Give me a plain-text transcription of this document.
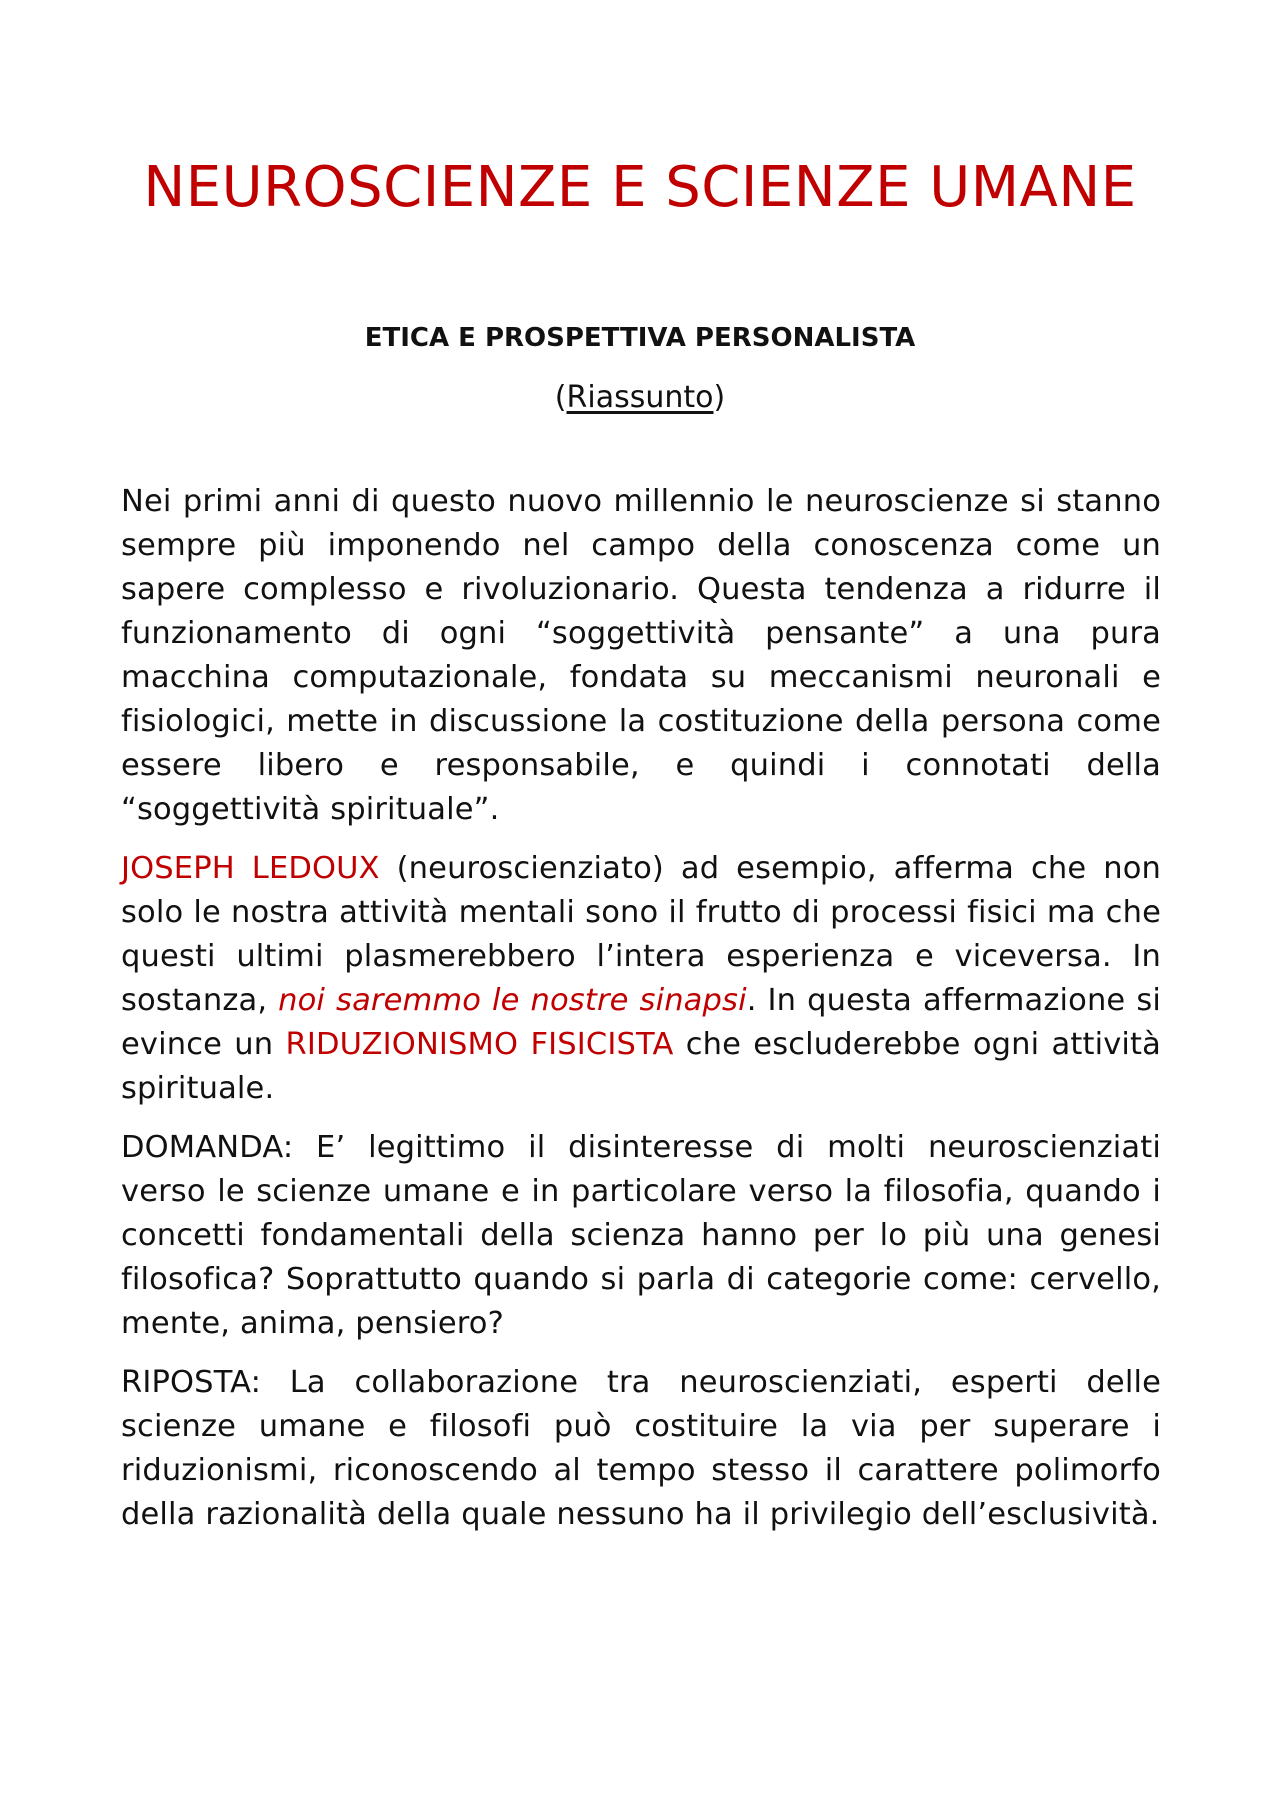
NEUROSCIENZE E SCIENZE UMANE
ETICA E PROSPETTIVA PERSONALISTA
(Riassunto)

Nei primi anni di questo nuovo millennio le neuroscienze si stanno sempre più imponendo nel campo della conoscenza come un sapere complesso e rivoluzionario. Questa tendenza a ridurre il funzionamento di ogni “soggettività pensante” a una pura macchina computazionale, fondata su meccanismi neuronali e fisiologici, mette in discussione la costituzione della persona come essere libero e responsabile, e quindi i connotati della “soggettività spirituale”.

JOSEPH LEDOUX (neuroscienziato) ad esempio, afferma che non solo le nostra attività mentali sono il frutto di processi fisici ma che questi ultimi plasmerebbero l’intera esperienza e viceversa. In sostanza, noi saremmo le nostre sinapsi. In questa affermazione si evince un RIDUZIONISMO FISICISTA che escluderebbe ogni attività spirituale.

DOMANDA: E’ legittimo il disinteresse di molti neuroscienziati verso le scienze umane e in particolare verso la filosofia, quando i concetti fondamentali della scienza hanno per lo più una genesi filosofica? Soprattutto quando si parla di categorie come: cervello, mente, anima, pensiero?

RIPOSTA: La collaborazione tra neuroscienziati, esperti delle scienze umane e filosofi può costituire la via per superare i riduzionismi, riconoscendo al tempo stesso il carattere polimorfo della razionalità della quale nessuno ha il privilegio dell’esclusività.
